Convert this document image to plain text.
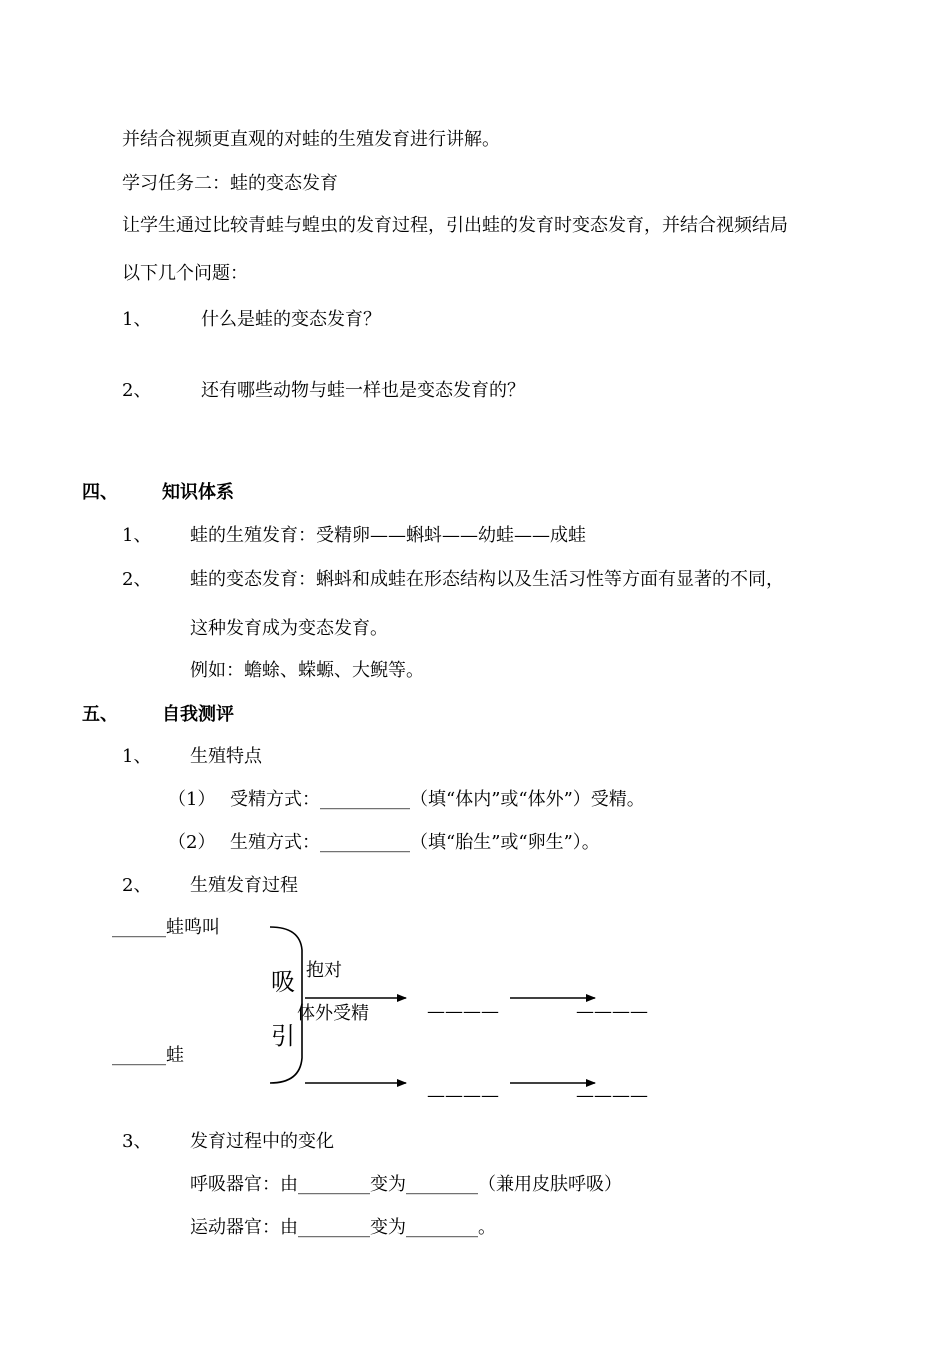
并结合视频更直观的对蛙的生殖发育进行讲解。
学习任务二：蛙的变态发育
让学生通过比较青蛙与蝗虫的发育过程，引出蛙的发育时变态发育，并结合视频结局
以下几个问题：
1、	什么是蛙的变态发育？
2、	还有哪些动物与蛙一样也是变态发育的？
四、 知识体系
1、 蛙的生殖发育：受精卵——蝌蚪——幼蛙——成蛙
2、 蛙的变态发育：蝌蚪和成蛙在形态结构以及生活习性等方面有显著的不同，
这种发育成为变态发育。
例如：蟾蜍、蝾螈、大鲵等。
五、 自我测评
1、 生殖特点
（1） 受精方式：__________（填“体内”或“体外”）受精。
（2） 生殖方式：__________（填“胎生”或“卵生”）。
2、 生殖发育过程
______蛙鸣叫
______蛙
吸
引
抱对
体外受精	————	————
————	————
3、 发育过程中的变化
呼吸器官：由________变为________（兼用皮肤呼吸）
运动器官：由________变为________。
